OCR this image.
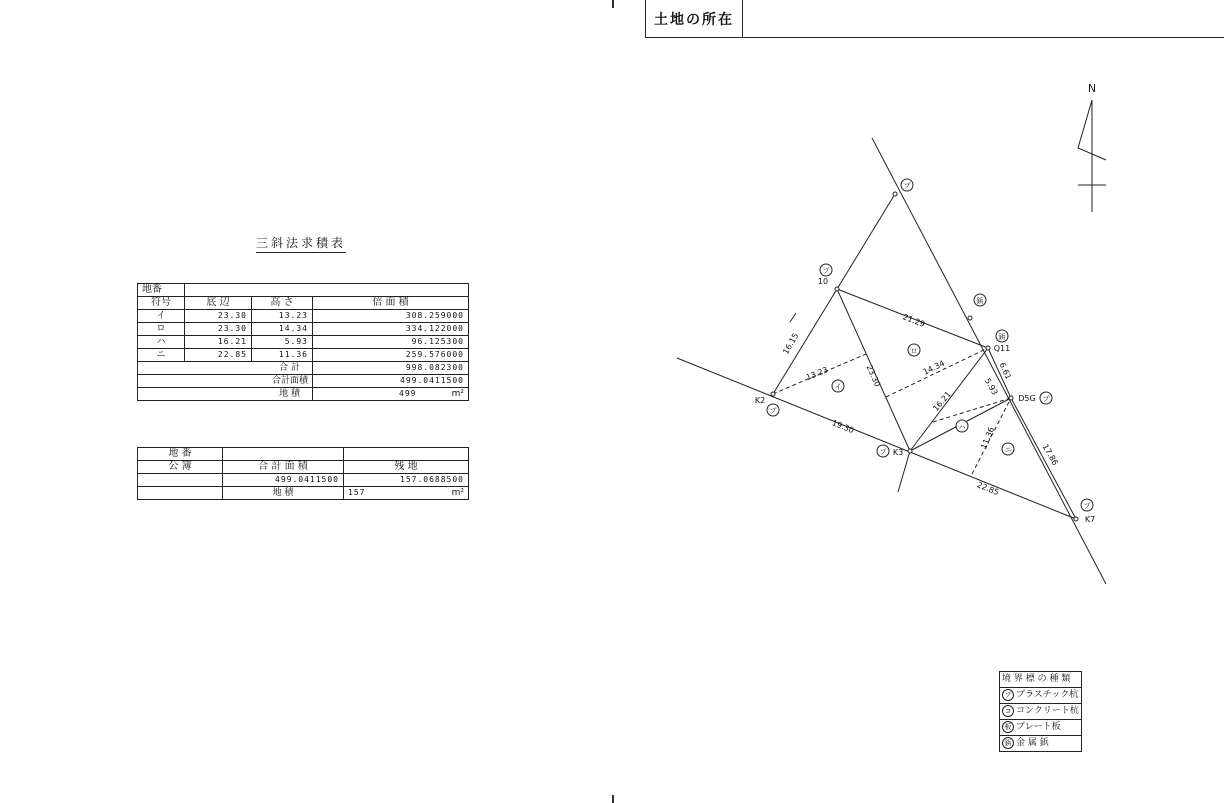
土地の所在
三斜法求積表
地番			
符号	底 辺	高 さ	倍 面 積
イ	23.30	13.23	308.259000
ロ	23.30	14.34	334.122000
ハ	16.21	5.93	96.125300
ニ	22.85	11.36	259.576000
合 計			998.082300
合計面積			499.0411500
地 積			499 m²
地 番		
公 簿	合 計 面 積	残 地
	499.0411500	157.0688500
	地 積	157 m²
N
10
K2
K3
Q11
D5G
K7
16.15
21.29
13.23	23.30	14.34
16.21
5.93
6.61
19.30	11.36
17.86
22.85
プ
プ
鋲
鋲
プ
プ
プ
プ
イ
ロ
ハ
ニ
境 界 標 の 種 類
プ プラスチック杭
コ コンクリート杭
板 プレート板
鋲 金 属 鋲
